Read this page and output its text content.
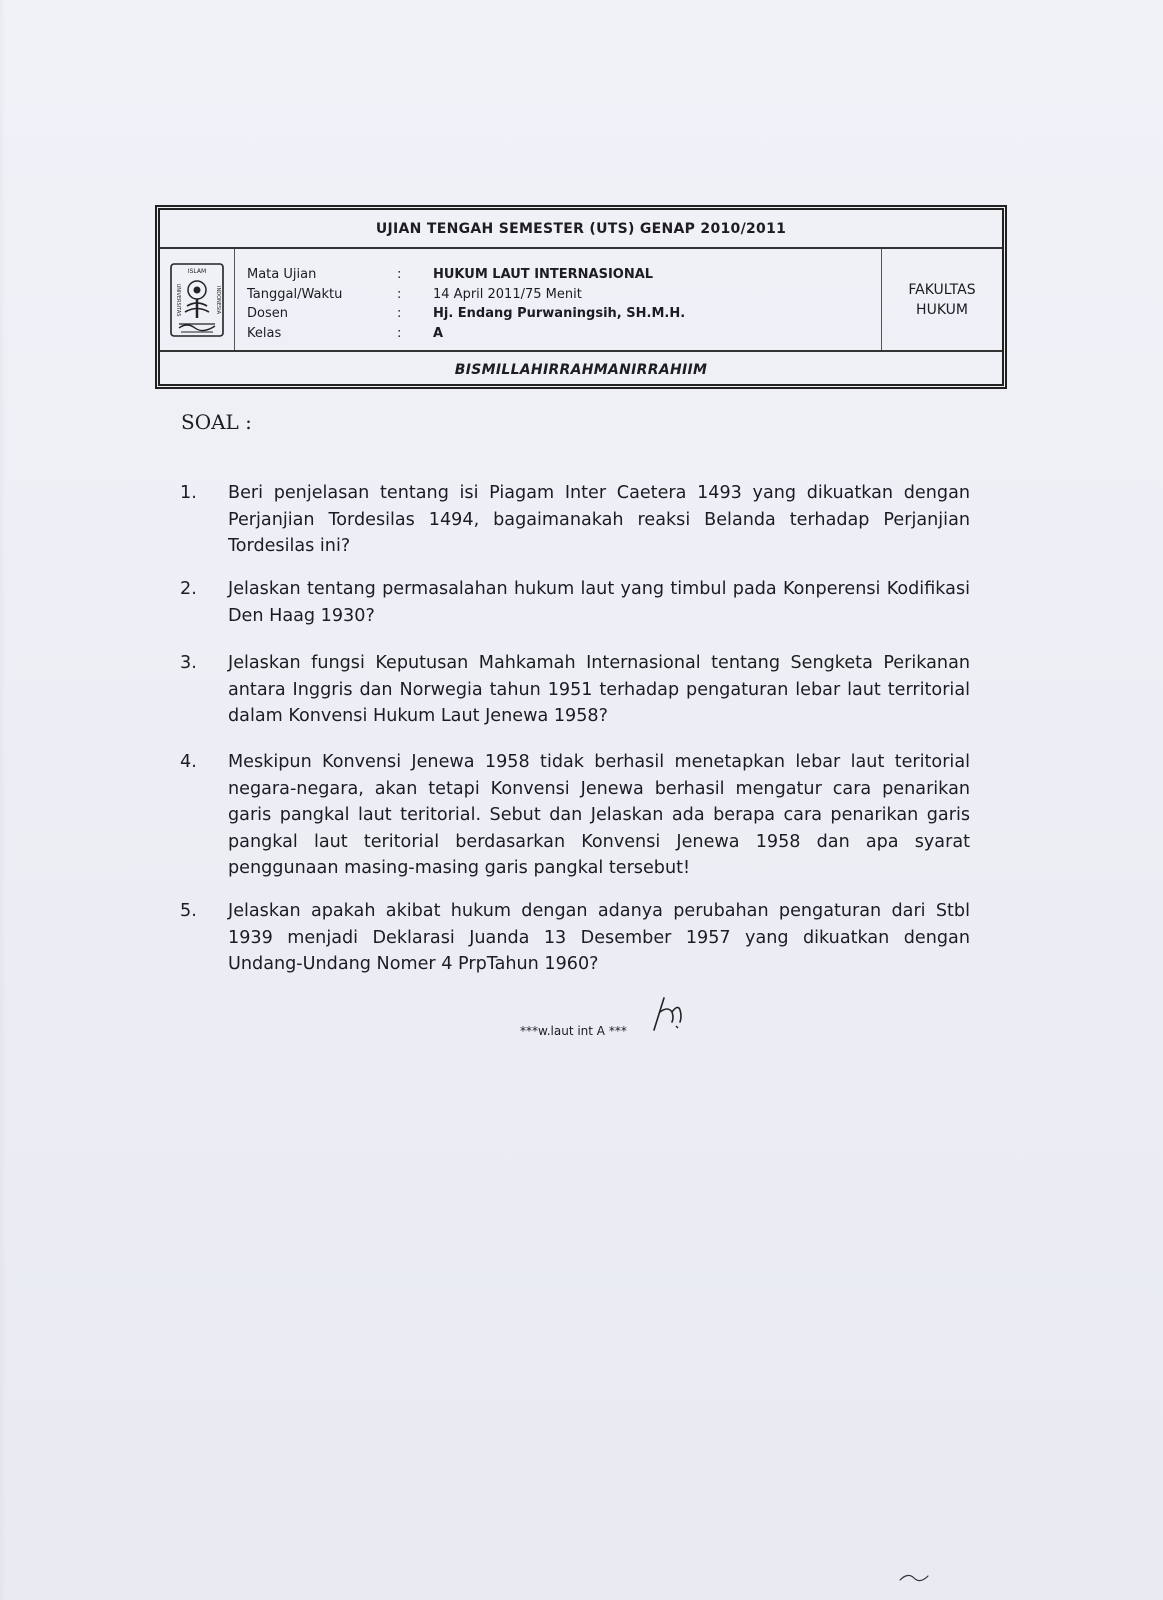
UJIAN TENGAH SEMESTER (UTS) GENAP 2010/2011
ISLAM
UNIVERSITAS	INDONESIA
Mata Ujian	:	HUKUM LAUT INTERNASIONAL
Tanggal/Waktu	:	14 April 2011/75 Menit
Dosen	:	Hj. Endang Purwaningsih, SH.M.H.
Kelas	:	A
FAKULTAS
HUKUM
BISMILLAHIRRAHMANIRRAHIIM
SOAL :
1.	Beri penjelasan tentang isi Piagam Inter Caetera 1493 yang dikuatkan dengan Perjanjian Tordesilas 1494, bagaimanakah reaksi Belanda terhadap Perjanjian Tordesilas ini?
2.	Jelaskan tentang permasalahan hukum laut yang timbul pada Konperensi Kodifikasi Den Haag 1930?
3.	Jelaskan fungsi Keputusan Mahkamah Internasional tentang Sengketa Perikanan antara Inggris dan Norwegia tahun 1951 terhadap pengaturan lebar laut territorial dalam Konvensi Hukum Laut Jenewa 1958?
4.	Meskipun Konvensi Jenewa 1958 tidak berhasil menetapkan lebar laut teritorial negara-negara, akan tetapi Konvensi Jenewa berhasil mengatur cara penarikan garis pangkal laut teritorial. Sebut dan Jelaskan ada berapa cara penarikan garis pangkal laut teritorial berdasarkan Konvensi Jenewa 1958 dan apa syarat penggunaan masing-masing garis pangkal tersebut!
5.	Jelaskan apakah akibat hukum dengan adanya perubahan pengaturan dari Stbl 1939 menjadi Deklarasi Juanda 13 Desember 1957 yang dikuatkan dengan Undang-Undang Nomer 4 PrpTahun 1960?
***w.laut int A ***
